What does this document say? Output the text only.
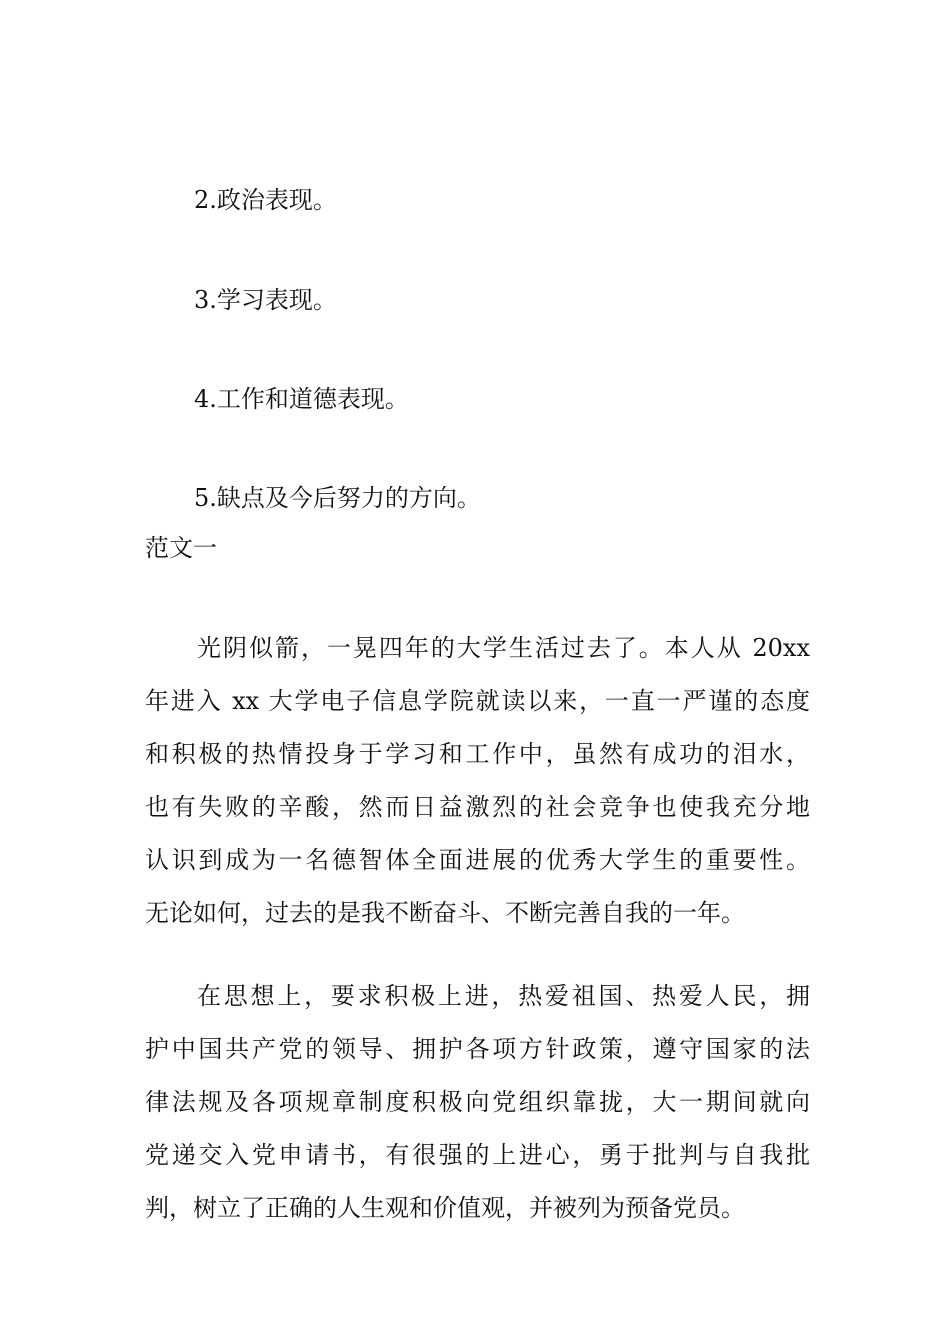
2.政治表现。
3.学习表现。
4.工作和道德表现。
5.缺点及今后努力的方向。
范文一
光阴似箭，一晃四年的大学生活过去了。本人从 20xx
年进入 xx 大学电子信息学院就读以来，一直一严谨的态度
和积极的热情投身于学习和工作中，虽然有成功的泪水，
也有失败的辛酸，然而日益激烈的社会竞争也使我充分地
认识到成为一名德智体全面进展的优秀大学生的重要性。
无论如何，过去的是我不断奋斗、不断完善自我的一年。
在思想上，要求积极上进，热爱祖国、热爱人民，拥
护中国共产党的领导、拥护各项方针政策，遵守国家的法
律法规及各项规章制度积极向党组织靠拢，大一期间就向
党递交入党申请书，有很强的上进心，勇于批判与自我批
判，树立了正确的人生观和价值观，并被列为预备党员。
